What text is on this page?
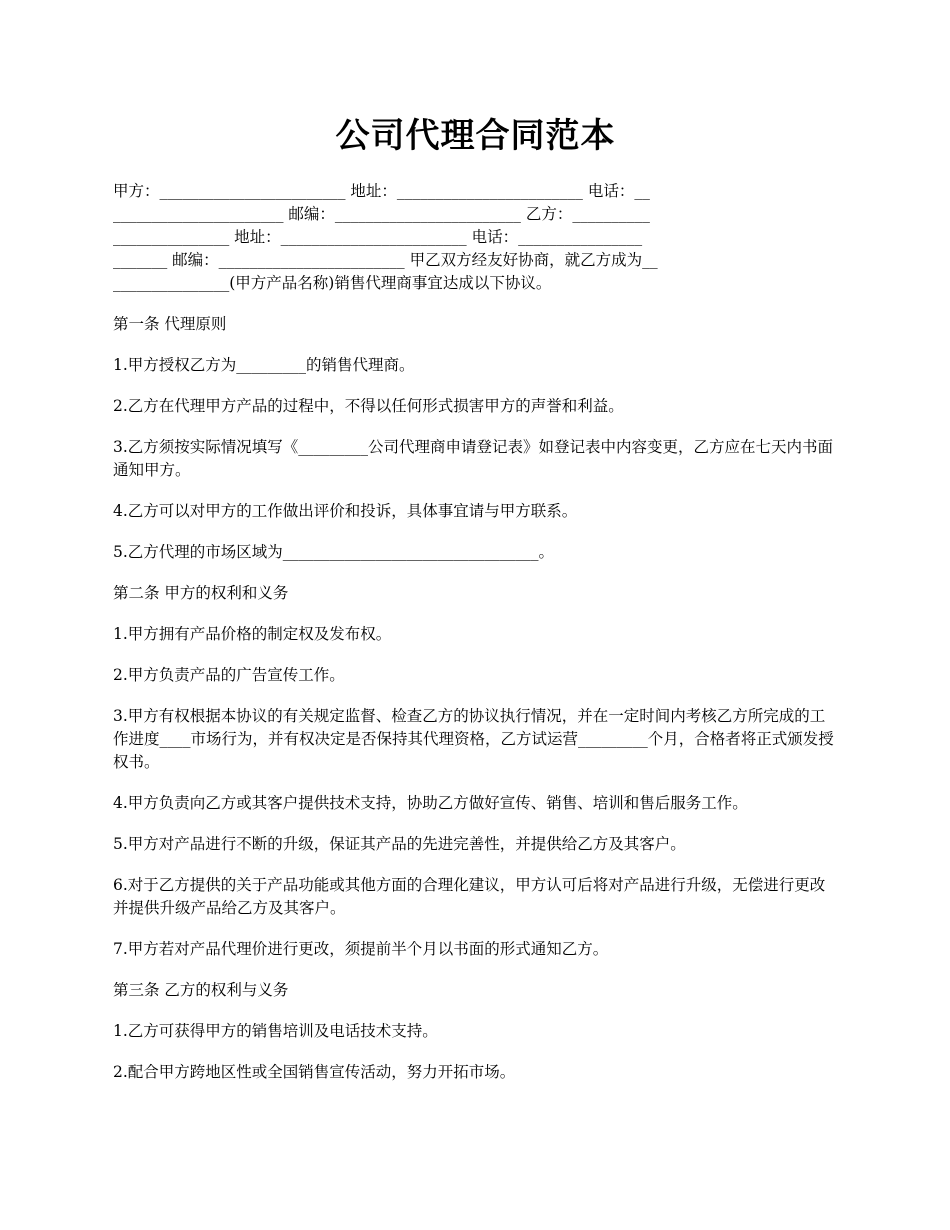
公司代理合同范本
甲方：________________________ 地址：________________________ 电话：__
______________________ 邮编：________________________ 乙方：__________
_______________ 地址：________________________ 电话：________________
_______ 邮编：________________________ 甲乙双方经友好协商，就乙方成为__
_______________(甲方产品名称)销售代理商事宜达成以下协议。

第一条 代理原则

1.甲方授权乙方为_________的销售代理商。

2.乙方在代理甲方产品的过程中，不得以任何形式损害甲方的声誉和利益。

3.乙方须按实际情况填写《_________公司代理商申请登记表》如登记表中内容变更，乙方应在七天内书面通知甲方。

4.乙方可以对甲方的工作做出评价和投诉，具体事宜请与甲方联系。

5.乙方代理的市场区域为_________________________________。

第二条 甲方的权利和义务

1.甲方拥有产品价格的制定权及发布权。

2.甲方负责产品的广告宣传工作。

3.甲方有权根据本协议的有关规定监督、检查乙方的协议执行情况，并在一定时间内考核乙方所完成的工作进度____市场行为，并有权决定是否保持其代理资格，乙方试运营_________个月，合格者将正式颁发授权书。

4.甲方负责向乙方或其客户提供技术支持，协助乙方做好宣传、销售、培训和售后服务工作。

5.甲方对产品进行不断的升级，保证其产品的先进完善性，并提供给乙方及其客户。

6.对于乙方提供的关于产品功能或其他方面的合理化建议，甲方认可后将对产品进行升级，无偿进行更改并提供升级产品给乙方及其客户。

7.甲方若对产品代理价进行更改，须提前半个月以书面的形式通知乙方。

第三条 乙方的权利与义务

1.乙方可获得甲方的销售培训及电话技术支持。

2.配合甲方跨地区性或全国销售宣传活动，努力开拓市场。
